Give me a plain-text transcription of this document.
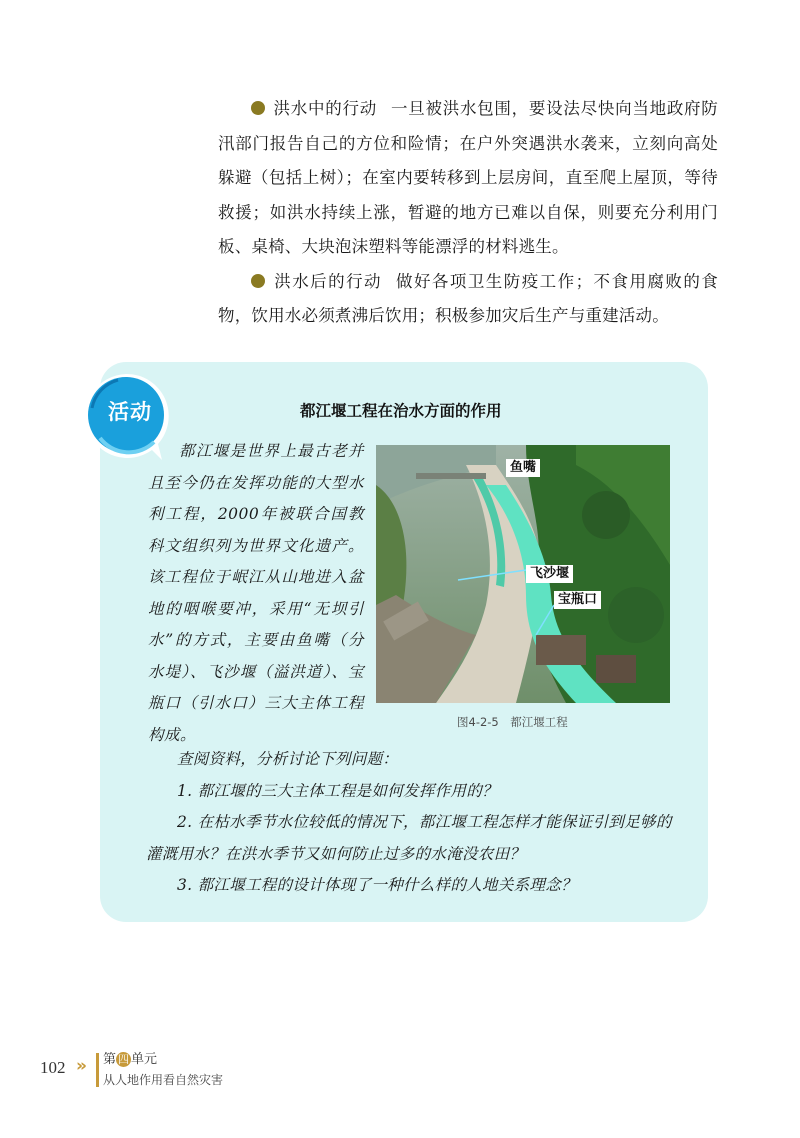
洪水中的行动 一旦被洪水包围，要设法尽快向当地政府防汛部门报告自己的方位和险情；在户外突遇洪水袭来，立刻向高处躲避（包括上树）；在室内要转移到上层房间，直至爬上屋顶，等待救援；如洪水持续上涨，暂避的地方已难以自保，则要充分利用门板、桌椅、大块泡沫塑料等能漂浮的材料逃生。

洪水后的行动 做好各项卫生防疫工作；不食用腐败的食物，饮用水必须煮沸后饮用；积极参加灾后生产与重建活动。

活动	都江堰工程在治水方面的作用
都江堰是世界上最古老并且至今仍在发挥功能的大型水利工程，2000年被联合国教科文组织列为世界文化遗产。该工程位于岷江从山地进入盆地的咽喉要冲，采用“无坝引水”的方式，主要由鱼嘴（分水堤）、飞沙堰（溢洪道）、宝瓶口（引水口）三大主体工程构成。
鱼嘴
飞沙堰
宝瓶口
图4-2-5　都江堰工程

查阅资料，分析讨论下列问题：

1. 都江堰的三大主体工程是如何发挥作用的？

2. 在枯水季节水位较低的情况下，都江堰工程怎样才能保证引到足够的灌溉用水？在洪水季节又如何防止过多的水淹没农田？

3. 都江堰工程的设计体现了一种什么样的人地关系理念？

102 » 第 四 单元
从人地作用看自然灾害
